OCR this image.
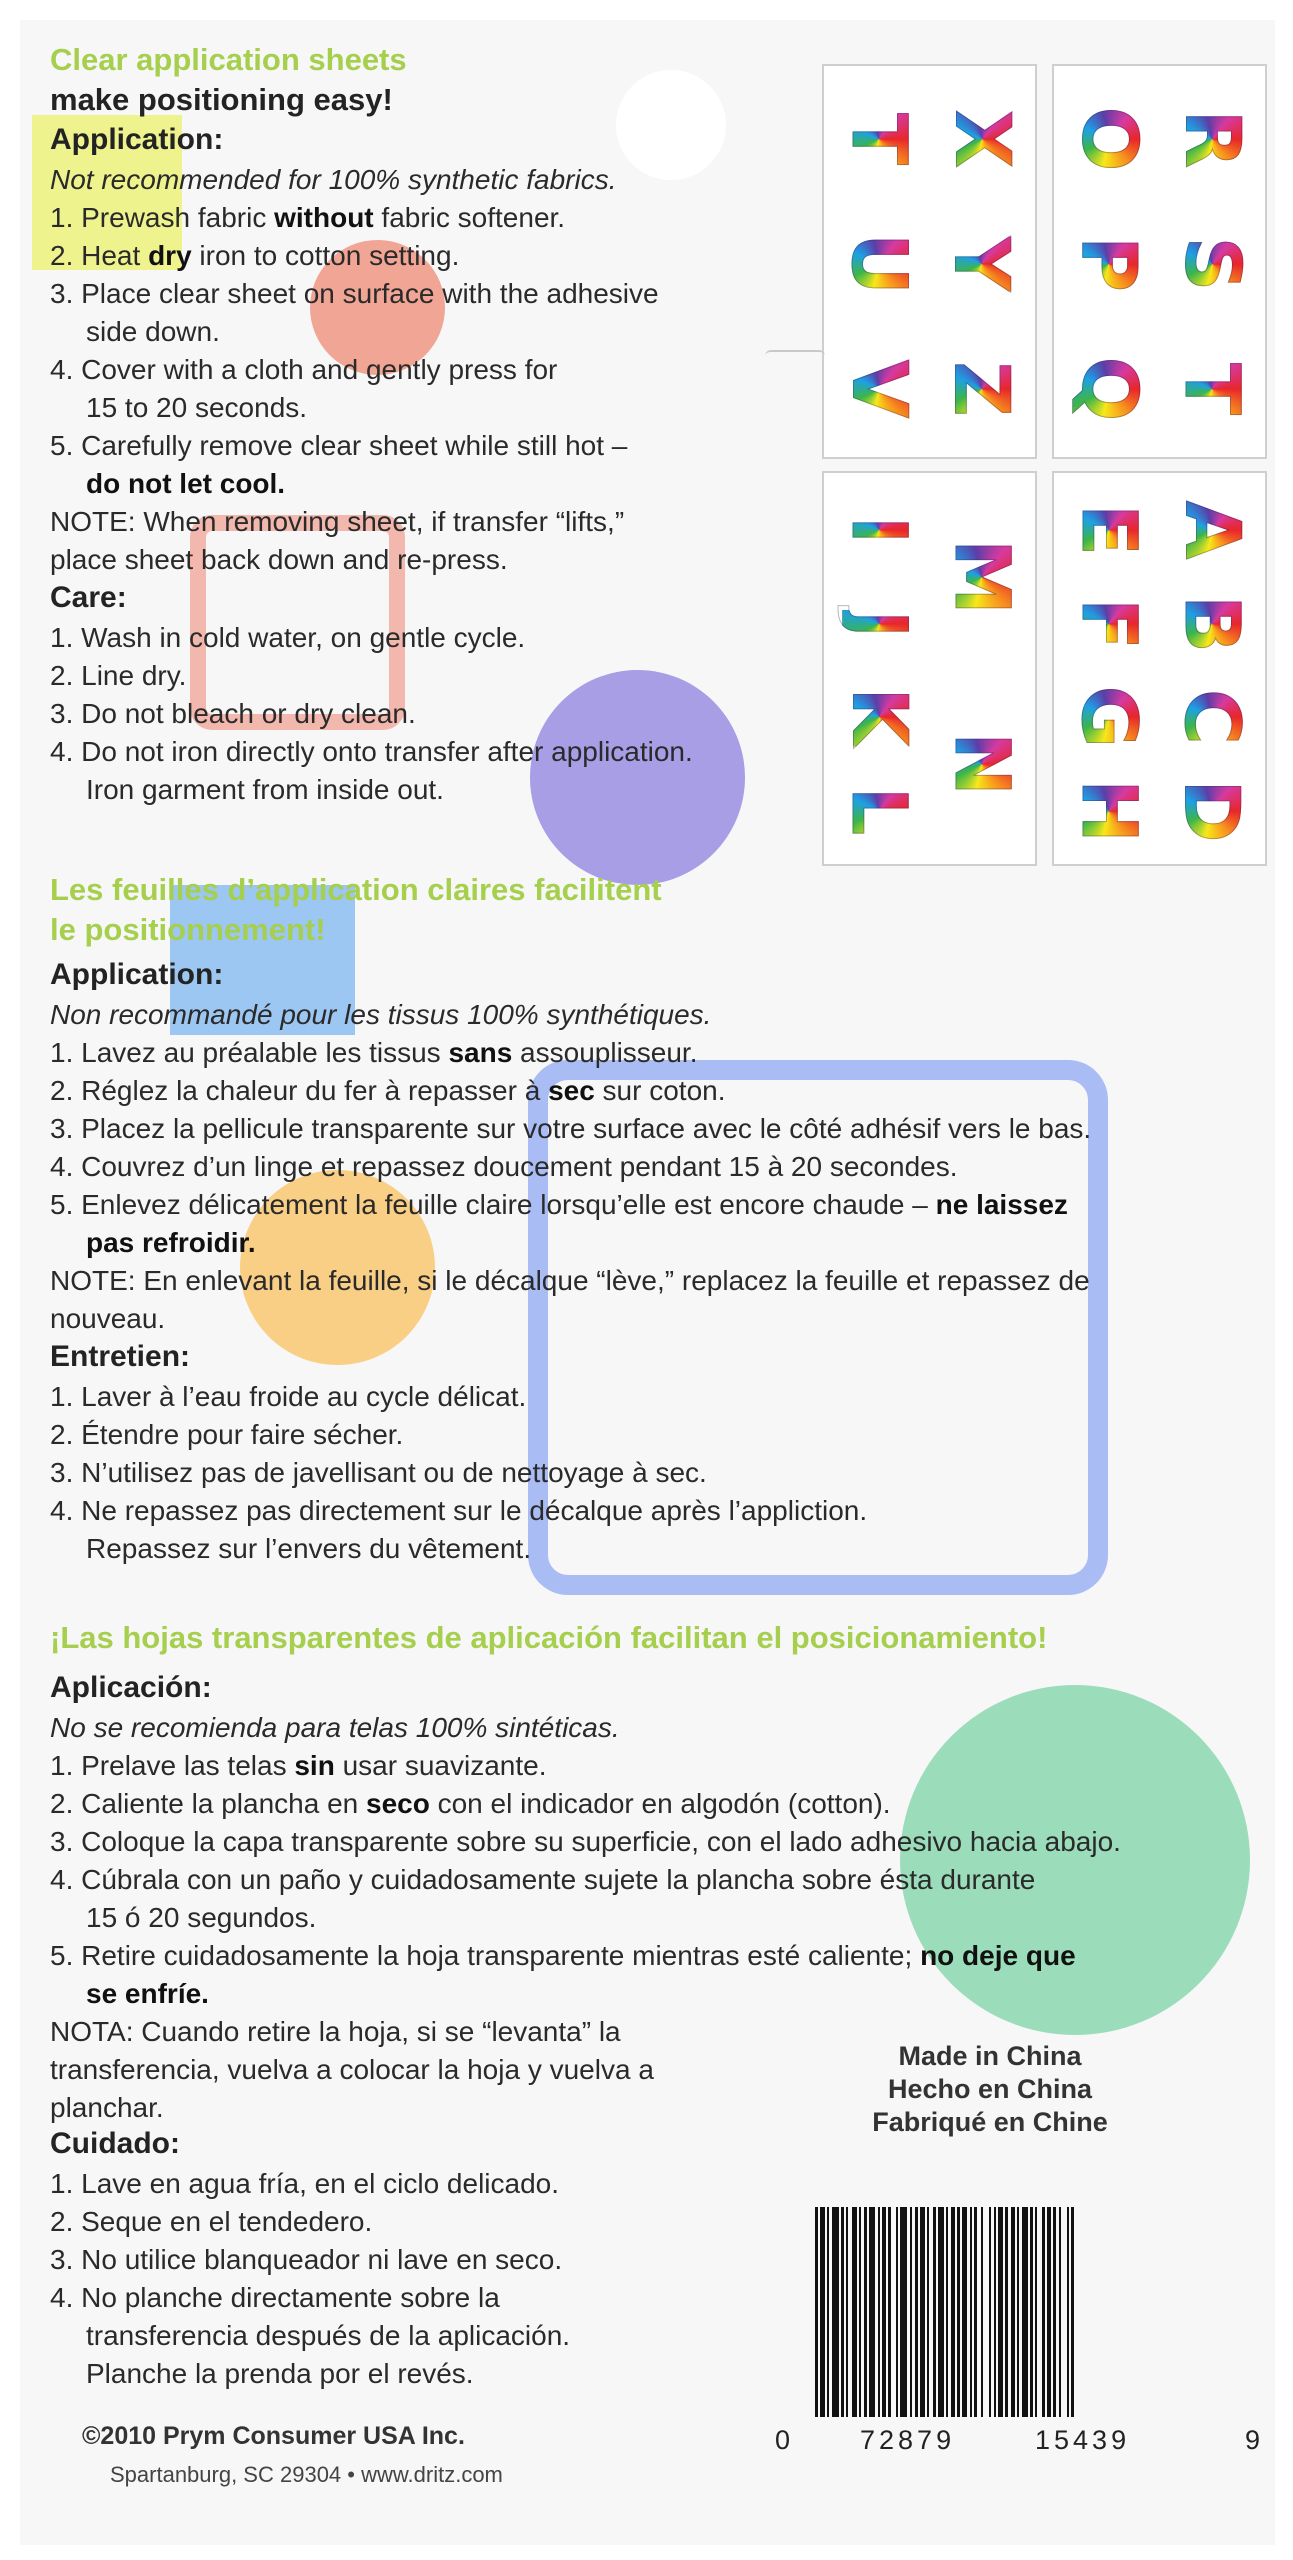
Clear application sheets
make positioning easy!
Application:
Not recommended for 100% synthetic fabrics.
1. Prewash fabric without fabric softener.
2. Heat dry iron to cotton setting.
3. Place clear sheet on surface with the adhesive
side down.
4. Cover with a cloth and gently press for
15 to 20 seconds.
5. Carefully remove clear sheet while still hot –
do not let cool.
NOTE: When removing sheet, if transfer “lifts,”
place sheet back down and re-press.
Care:
1. Wash in cold water, on gentle cycle.
2. Line dry.
3. Do not bleach or dry clean.
4. Do not iron directly onto transfer after application.
Iron garment from inside out.
T
U
V
X
Y
Z
O
P
Q
R
S
T
I
J
K
L
M
N
E
F
G
H
A
B
C
D
Les feuilles d’application claires facilitent
le positionnement!
Application:
Non recommandé pour les tissus 100% synthétiques.
1. Lavez au préalable les tissus sans assouplisseur.
2. Réglez la chaleur du fer à repasser à sec sur coton.
3. Placez la pellicule transparente sur votre surface avec le côté adhésif vers le bas.
4. Couvrez d’un linge et repassez doucement pendant 15 à 20 secondes.
5. Enlevez délicatement la feuille claire lorsqu’elle est encore chaude – ne laissez
pas refroidir.
NOTE: En enlevant la feuille, si le décalque “lève,” replacez la feuille et repassez de
nouveau.
Entretien:
1. Laver à l’eau froide au cycle délicat.
2. Étendre pour faire sécher.
3. N’utilisez pas de javellisant ou de nettoyage à sec.
4. Ne repassez pas directement sur le décalque après l’appliction.
Repassez sur l’envers du vêtement.
¡Las hojas transparentes de aplicación facilitan el posicionamiento!
Aplicación:
No se recomienda para telas 100% sintéticas.
1. Prelave las telas sin usar suavizante.
2. Caliente la plancha en seco con el indicador en algodón (cotton).
3. Coloque la capa transparente sobre su superficie, con el lado adhesivo hacia abajo.
4. Cúbrala con un paño y cuidadosamente sujete la plancha sobre ésta durante
15 ó 20 segundos.
5. Retire cuidadosamente la hoja transparente mientras esté caliente; no deje que
se enfríe.
NOTA: Cuando retire la hoja, si se “levanta” la
transferencia, vuelva a colocar la hoja y vuelva a
planchar.
Cuidado:
1. Lave en agua fría, en el ciclo delicado.
2. Seque en el tendedero.
3. No utilice blanqueador ni lave en seco.
4. No planche directamente sobre la
transferencia después de la aplicación.
Planche la prenda por el revés.
Made in China
Hecho en China
Fabriqué en Chine
0	72879	15439	9
©2010 Prym Consumer USA Inc.
Spartanburg, SC 29304 • www.dritz.com
